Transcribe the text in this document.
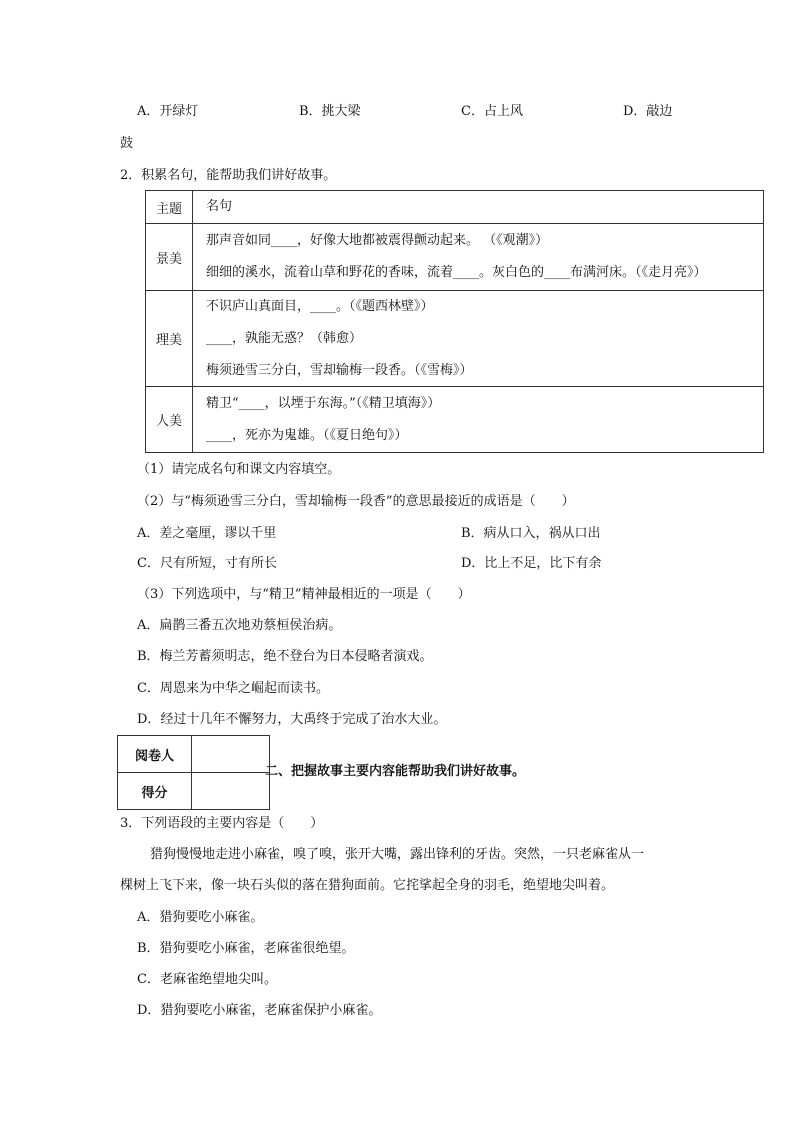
A．开绿灯	B．挑大梁	C．占上风	D．敲边
鼓
2．积累名句，能帮助我们讲好故事。
主题	名句

景美	那声音如同____，好像大地都被震得颤动起来。 （《观潮》）
细细的溪水，流着山草和野花的香味，流着____。灰白色的____布满河床。（《走月亮》）

理美	不识庐山真面目，____。（《题西林壁》）
____，孰能无惑？（韩愈）
梅须逊雪三分白，雪却输梅一段香。（《雪梅》）

人美	精卫“____，以堙于东海。”（《精卫填海》）
____，死亦为鬼雄。（《夏日绝句》）
（1）请完成名句和课文内容填空。
（2）与“梅须逊雪三分白，雪却输梅一段香”的意思最接近的成语是（　　）
A．差之毫厘，谬以千里	B．病从口入，祸从口出
C．尺有所短，寸有所长	D．比上不足，比下有余
（3）下列选项中，与“精卫”精神最相近的一项是（　　）
A．扁鹊三番五次地劝蔡桓侯治病。
B．梅兰芳蓄须明志，绝不登台为日本侵略者演戏。
C．周恩来为中华之崛起而读书。
D．经过十几年不懈努力，大禹终于完成了治水大业。
阅卷人	
得分	
二、把握故事主要内容能帮助我们讲好故事。
3．下列语段的主要内容是（　　）
猎狗慢慢地走进小麻雀，嗅了嗅，张开大嘴，露出锋利的牙齿。突然，一只老麻雀从一
棵树上飞下来，像一块石头似的落在猎狗面前。它挓挲起全身的羽毛，绝望地尖叫着。
A．猎狗要吃小麻雀。
B．猎狗要吃小麻雀，老麻雀很绝望。
C．老麻雀绝望地尖叫。
D．猎狗要吃小麻雀，老麻雀保护小麻雀。
